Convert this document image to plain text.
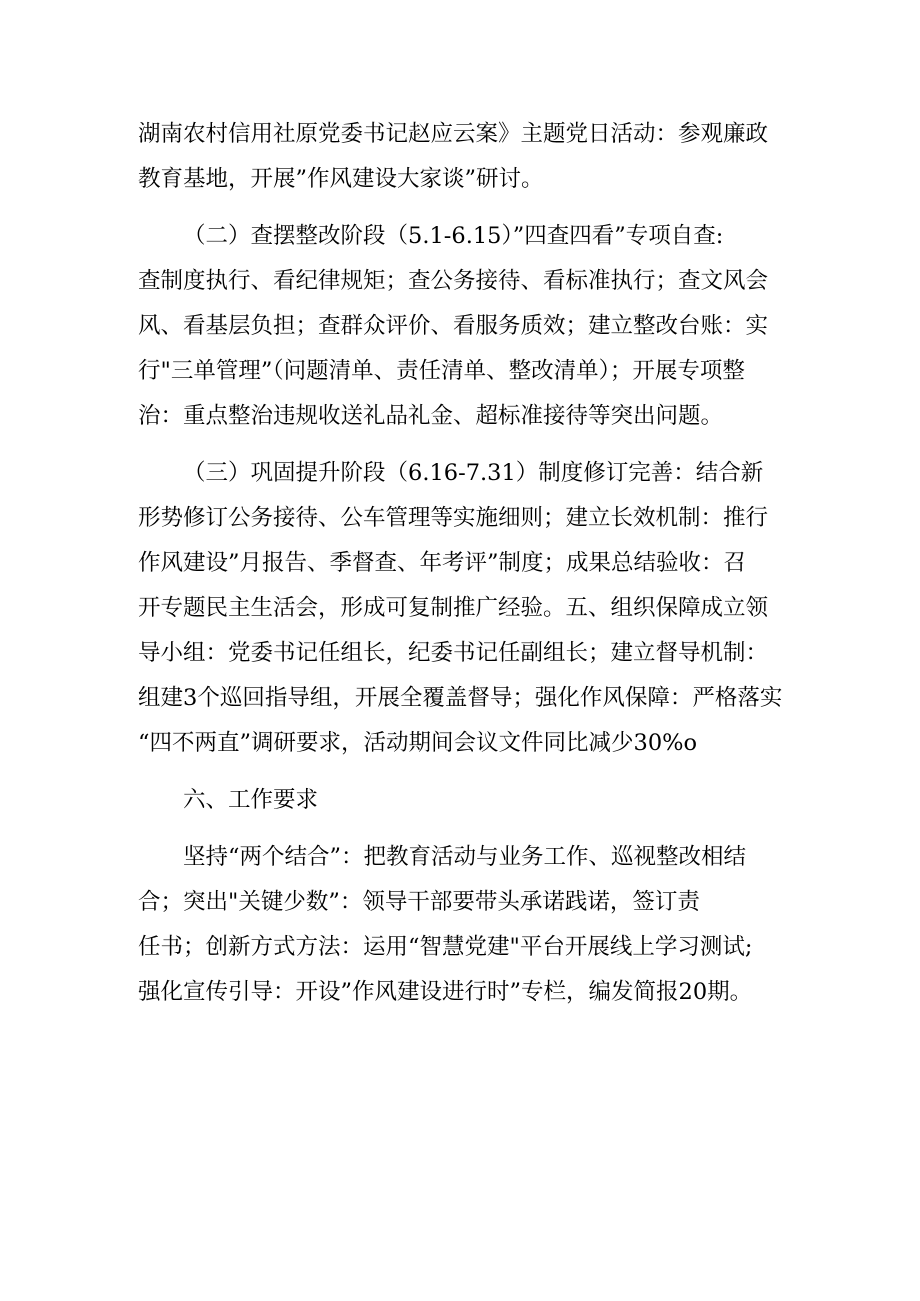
湖南农村信用社原党委书记赵应云案》主题党日活动：参观廉政
教育基地，开展”作风建设大家谈”研讨。
（二）查摆整改阶段（5.1-6.15）”四查四看”专项自查:
查制度执行、看纪律规矩；查公务接待、看标准执行；查文风会
风、看基层负担；查群众评价、看服务质效；建立整改台账：实
行"三单管理”（问题清单、责任清单、整改清单）；开展专项整
治：重点整治违规收送礼品礼金、超标准接待等突出问题。
（三）巩固提升阶段（6.16-7.31）制度修订完善：结合新
形势修订公务接待、公车管理等实施细则；建立长效机制：推行
作风建设”月报告、季督查、年考评”制度；成果总结验收：召
开专题民主生活会，形成可复制推广经验。五、组织保障成立领
导小组：党委书记任组长，纪委书记任副组长；建立督导机制：
组建3个巡回指导组，开展全覆盖督导；强化作风保障：严格落实
“四不两直”调研要求，活动期间会议文件同比减少30%o
六、工作要求
坚持“两个结合”：把教育活动与业务工作、巡视整改相结
合；突出"关键少数”：领导干部要带头承诺践诺，签订责
任书；创新方式方法：运用“智慧党建"平台开展线上学习测试;
强化宣传引导：开设”作风建设进行时”专栏，编发简报20期。
